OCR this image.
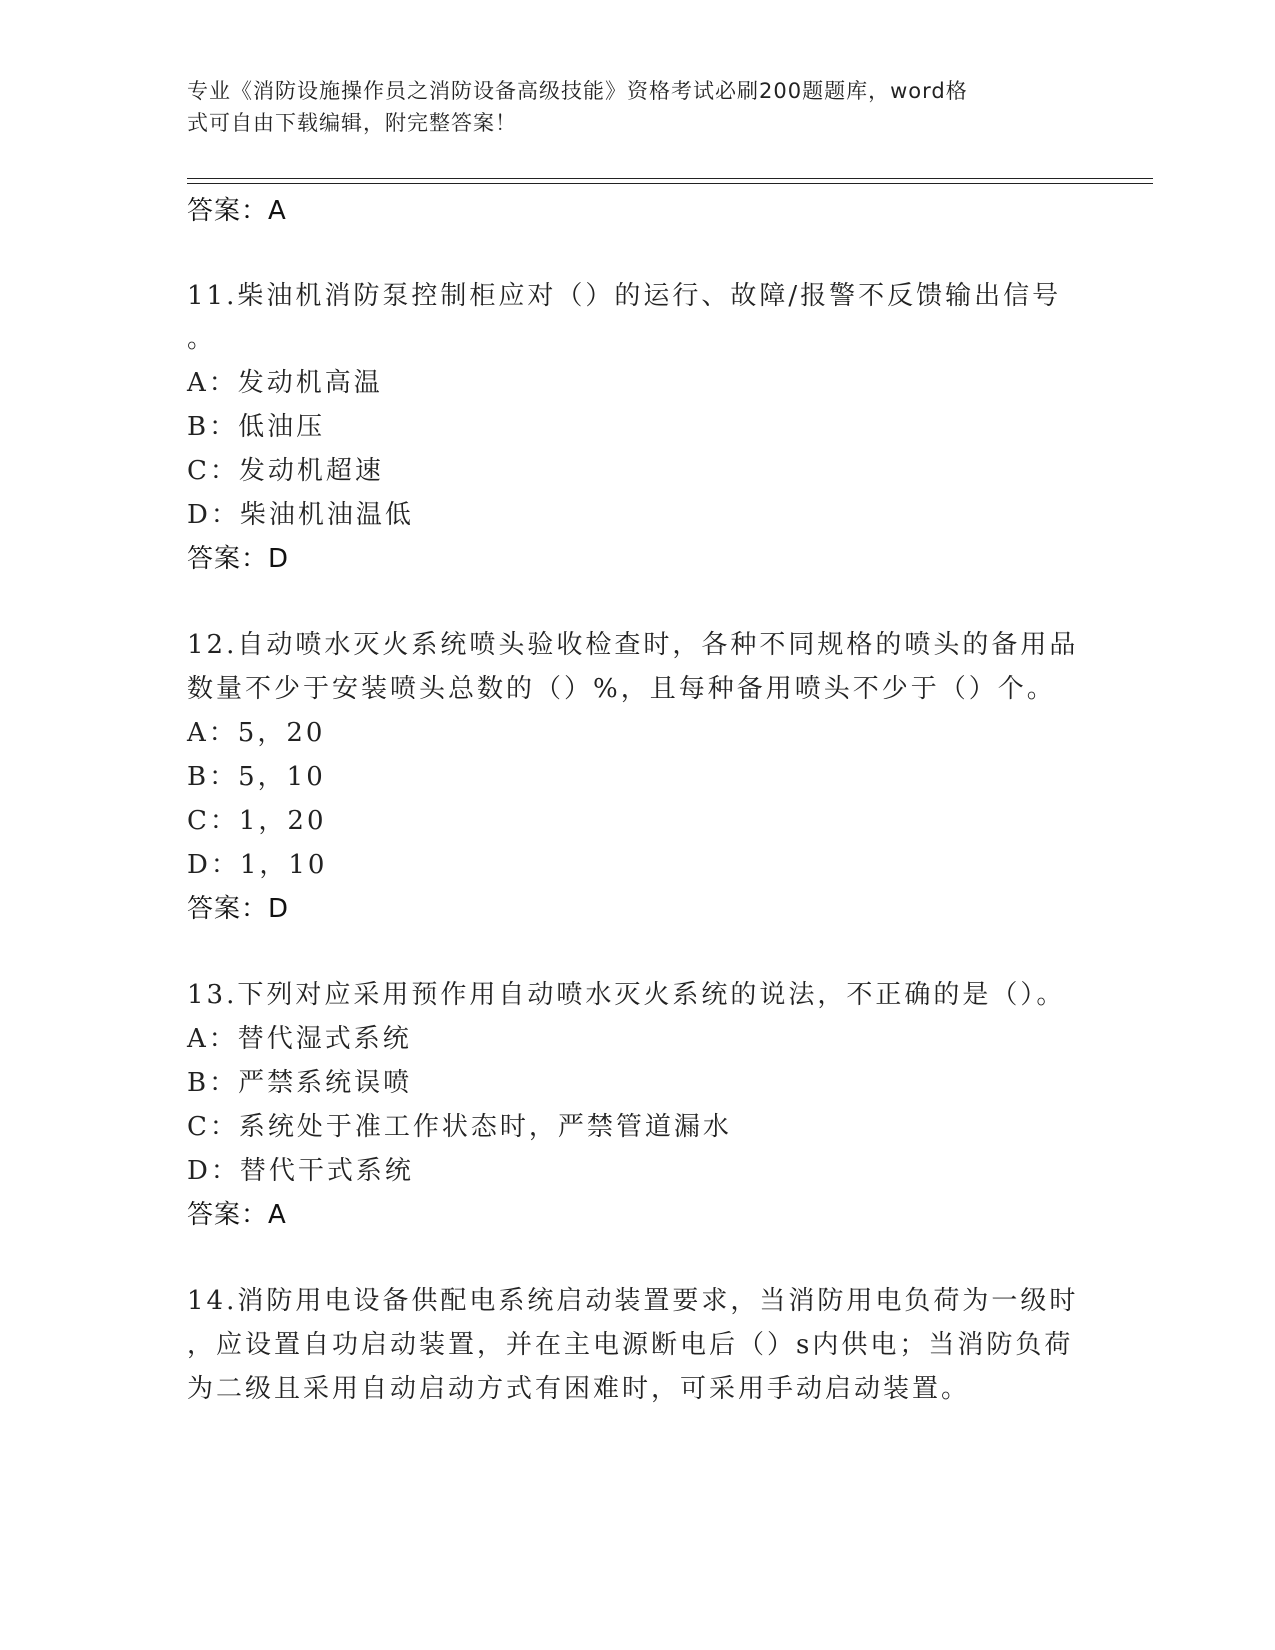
专业《消防设施操作员之消防设备高级技能》资格考试必刷200题题库，word格
式可自由下载编辑，附完整答案！
答案：A
11.柴油机消防泵控制柜应对（）的运行、故障/报警不反馈输出信号
。
A：发动机高温
B：低油压
C：发动机超速
D：柴油机油温低
答案：D
12.自动喷水灭火系统喷头验收检查时，各种不同规格的喷头的备用品
数量不少于安装喷头总数的（）%，且每种备用喷头不少于（）个。
A：5，20
B：5，10
C：1，20
D：1，10
答案：D
13.下列对应采用预作用自动喷水灭火系统的说法，不正确的是（）。
A：替代湿式系统
B：严禁系统误喷
C：系统处于准工作状态时，严禁管道漏水
D：替代干式系统
答案：A
14.消防用电设备供配电系统启动装置要求，当消防用电负荷为一级时
，应设置自功启动装置，并在主电源断电后（）s内供电；当消防负荷
为二级且采用自动启动方式有困难时，可采用手动启动装置。
